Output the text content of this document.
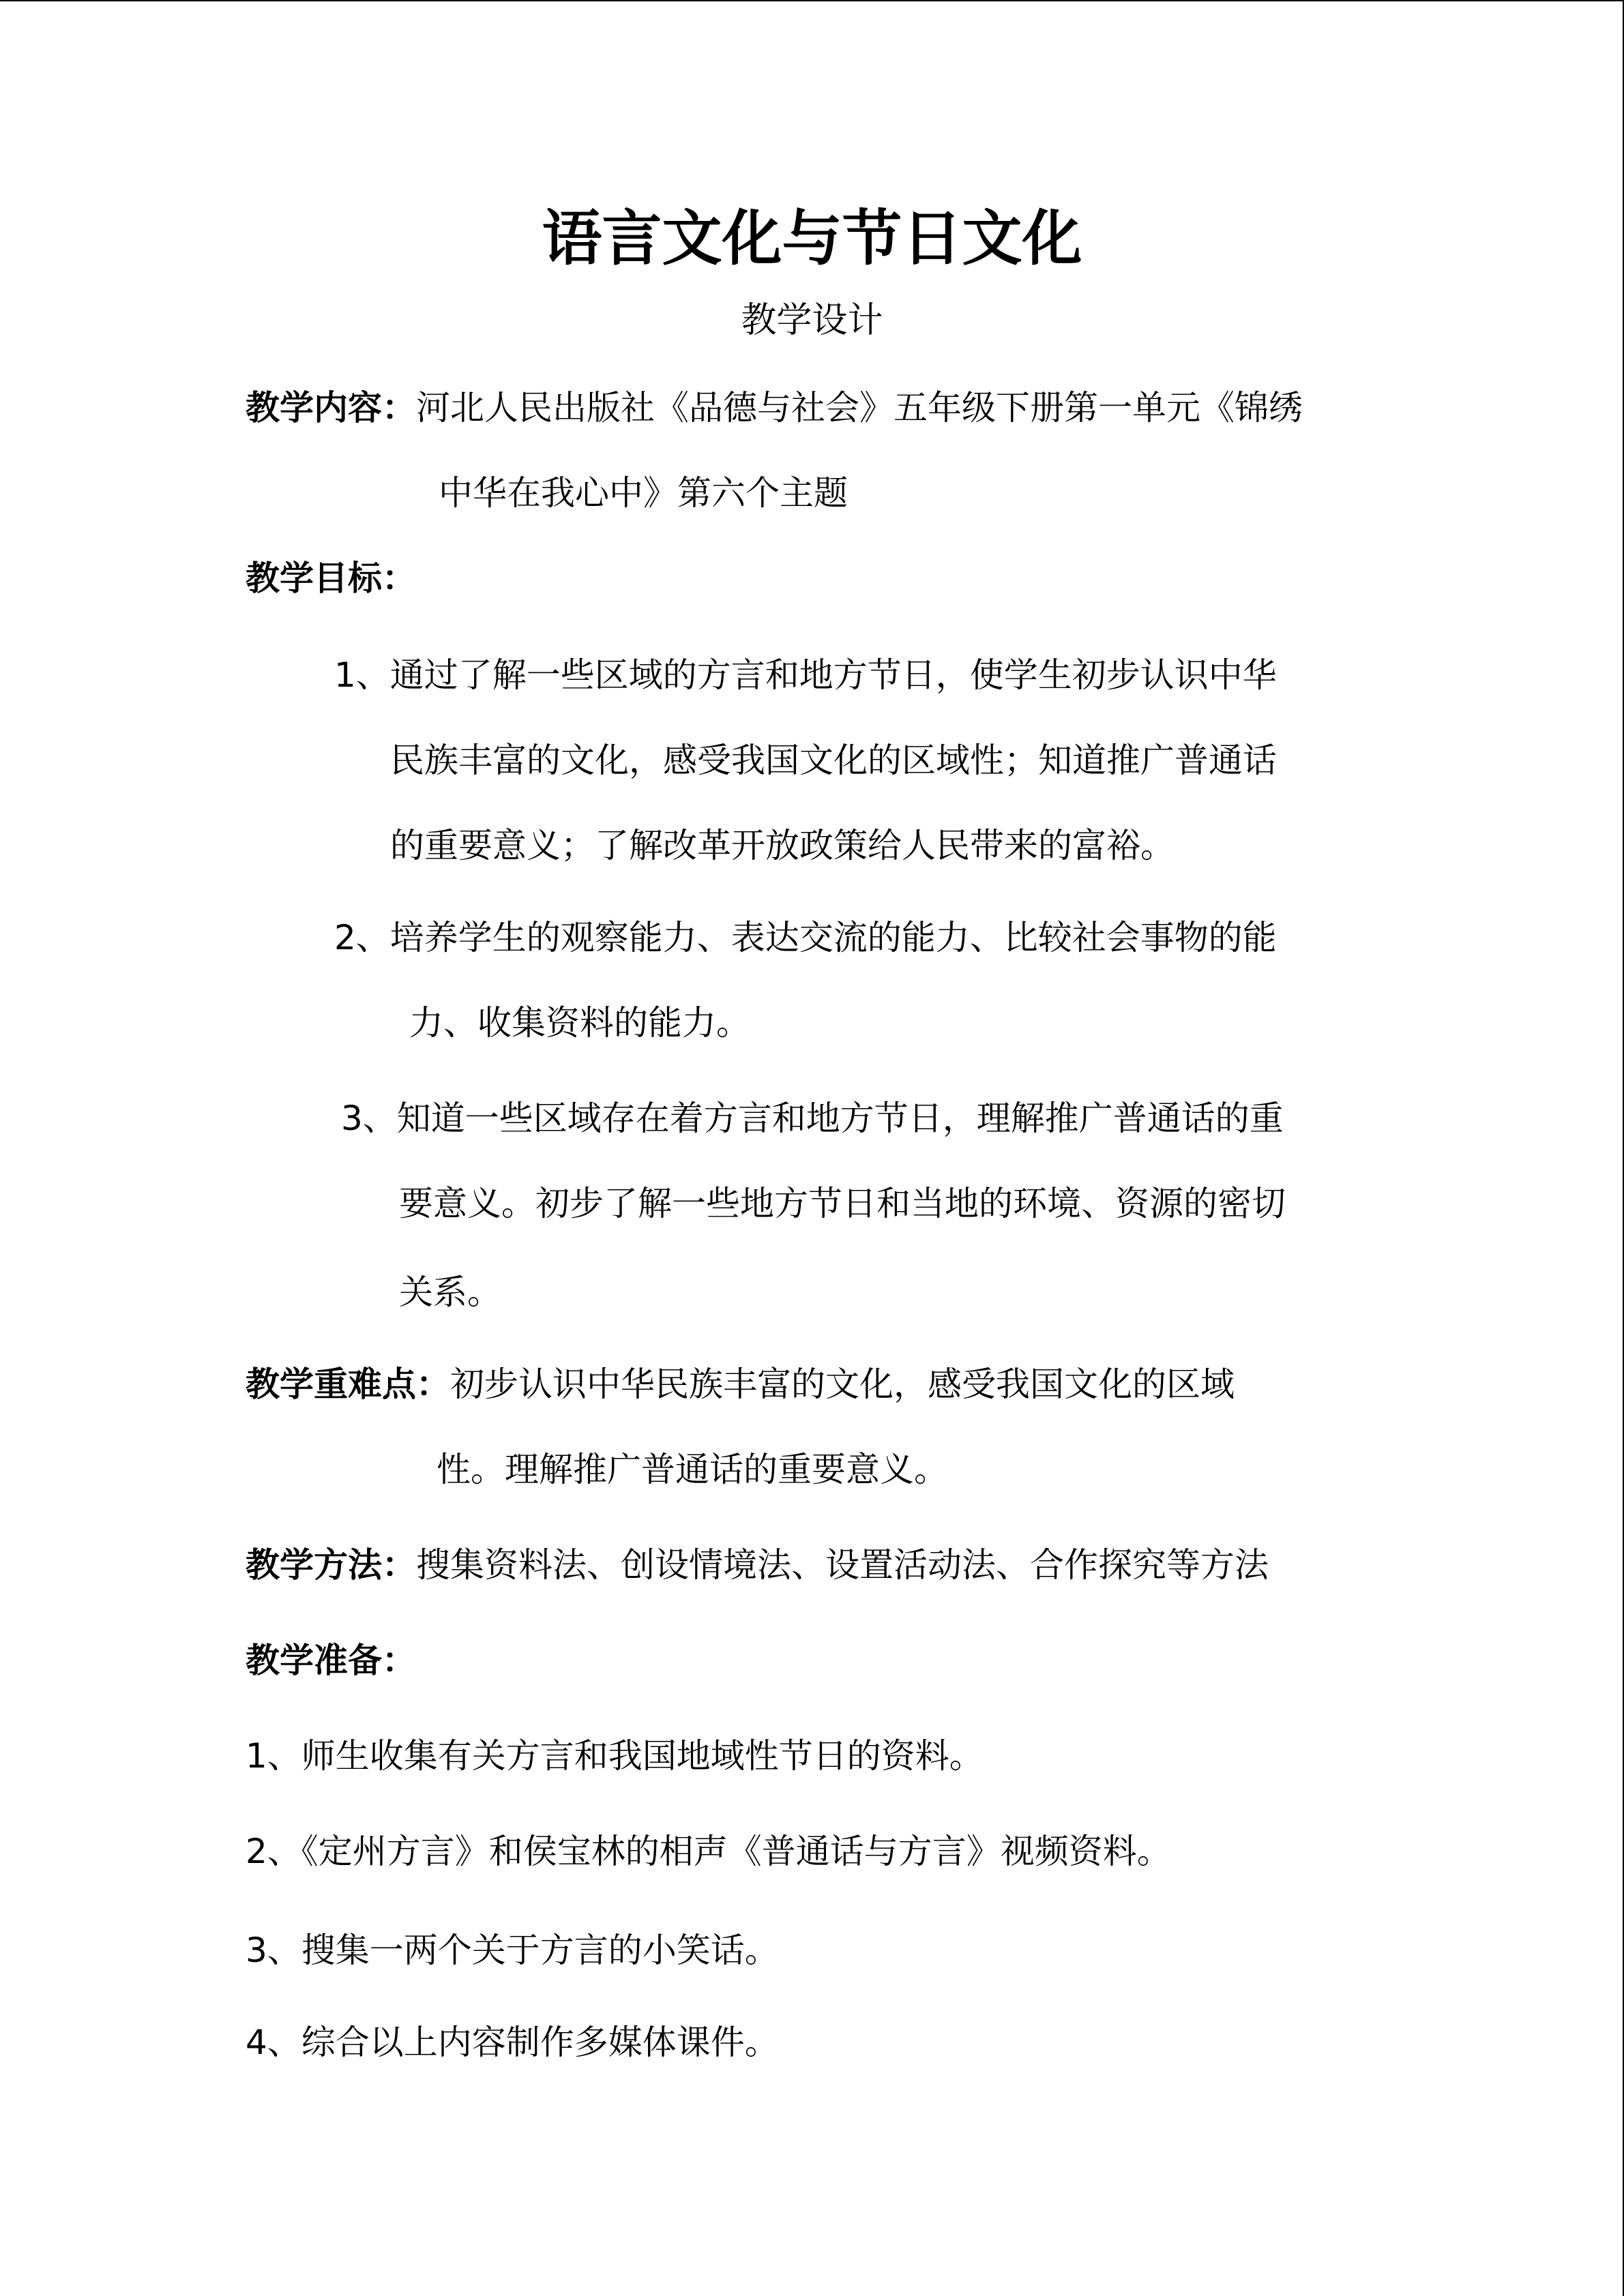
语言文化与节日文化
教学设计
教学内容：河北人民出版社《品德与社会》五年级下册第一单元《锦绣
中华在我心中》第六个主题
教学目标：
1、通过了解一些区域的方言和地方节日，使学生初步认识中华
民族丰富的文化，感受我国文化的区域性；知道推广普通话
的重要意义；了解改革开放政策给人民带来的富裕。
2、培养学生的观察能力、表达交流的能力、比较社会事物的能
力、收集资料的能力。
3、知道一些区域存在着方言和地方节日，理解推广普通话的重
要意义。初步了解一些地方节日和当地的环境、资源的密切
关系。
教学重难点：初步认识中华民族丰富的文化，感受我国文化的区域
性。理解推广普通话的重要意义。
教学方法：搜集资料法、创设情境法、设置活动法、合作探究等方法
教学准备：
1、师生收集有关方言和我国地域性节日的资料。
2、《定州方言》和侯宝林的相声《普通话与方言》视频资料。
3、搜集一两个关于方言的小笑话。
4、综合以上内容制作多媒体课件。
